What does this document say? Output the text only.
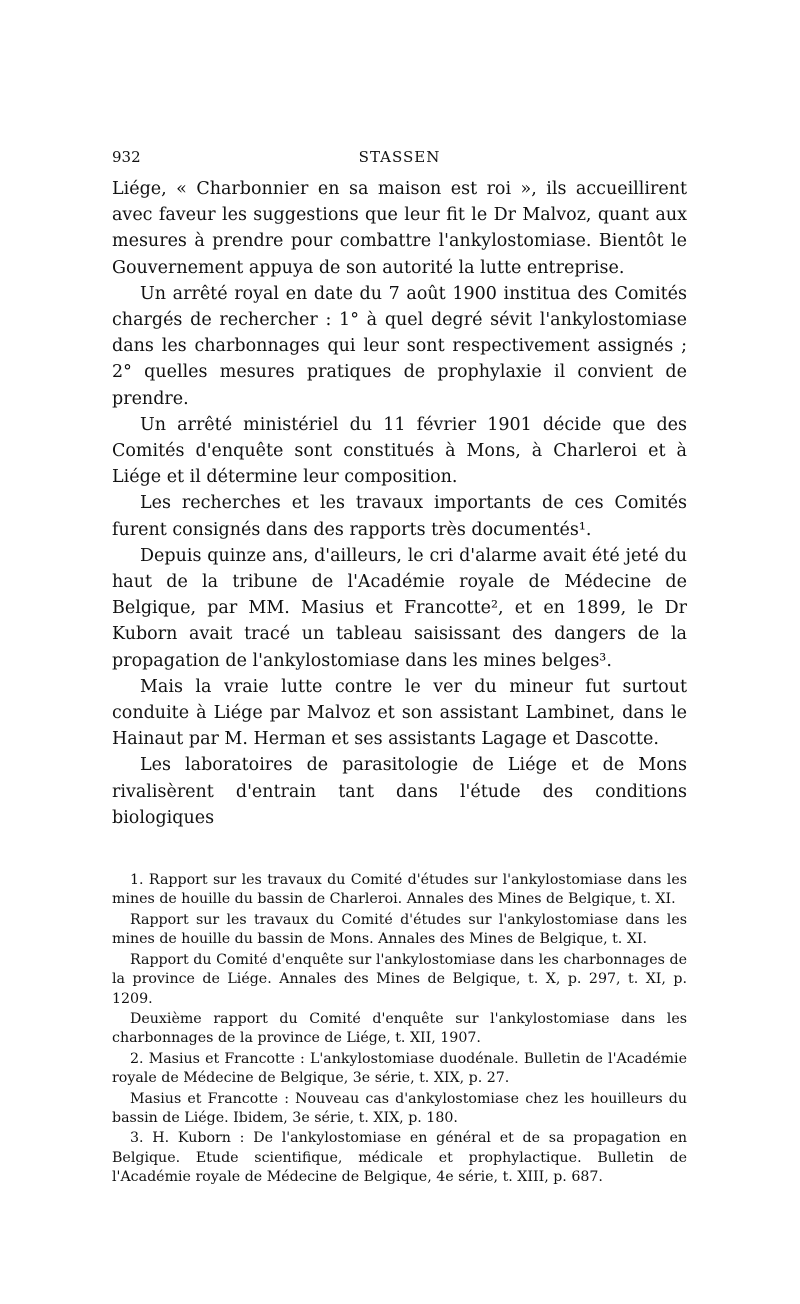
932	STASSEN

Liége, « Charbonnier en sa maison est roi », ils accueillirent avec faveur les suggestions que leur fit le Dr Malvoz, quant aux mesures à prendre pour combattre l'ankylostomiase. Bientôt le Gouvernement appuya de son autorité la lutte entreprise.

Un arrêté royal en date du 7 août 1900 institua des Comités chargés de rechercher : 1° à quel degré sévit l'ankylostomiase dans les charbonnages qui leur sont respectivement assignés ; 2° quelles mesures pratiques de prophylaxie il convient de prendre.

Un arrêté ministériel du 11 février 1901 décide que des Comités d'enquête sont constitués à Mons, à Charleroi et à Liége et il détermine leur composition.

Les recherches et les travaux importants de ces Comités furent consignés dans des rapports très documentés¹.

Depuis quinze ans, d'ailleurs, le cri d'alarme avait été jeté du haut de la tribune de l'Académie royale de Médecine de Belgique, par MM. Masius et Francotte², et en 1899, le Dr Kuborn avait tracé un tableau saisissant des dangers de la propagation de l'ankylostomiase dans les mines belges³.

Mais la vraie lutte contre le ver du mineur fut surtout conduite à Liége par Malvoz et son assistant Lambinet, dans le Hainaut par M. Herman et ses assistants Lagage et Dascotte.

Les laboratoires de parasitologie de Liége et de Mons rivalisèrent d'entrain tant dans l'étude des conditions biologiques

1. Rapport sur les travaux du Comité d'études sur l'ankylostomiase dans les mines de houille du bassin de Charleroi. Annales des Mines de Belgique, t. XI.

Rapport sur les travaux du Comité d'études sur l'ankylostomiase dans les mines de houille du bassin de Mons. Annales des Mines de Belgique, t. XI.

Rapport du Comité d'enquête sur l'ankylostomiase dans les charbonnages de la province de Liége. Annales des Mines de Belgique, t. X, p. 297, t. XI, p. 1209.

Deuxième rapport du Comité d'enquête sur l'ankylostomiase dans les charbonnages de la province de Liége, t. XII, 1907.

2. Masius et Francotte : L'ankylostomiase duodénale. Bulletin de l'Académie royale de Médecine de Belgique, 3e série, t. XIX, p. 27.

Masius et Francotte : Nouveau cas d'ankylostomiase chez les houilleurs du bassin de Liége. Ibidem, 3e série, t. XIX, p. 180.

3. H. Kuborn : De l'ankylostomiase en général et de sa propagation en Belgique. Etude scientifique, médicale et prophylactique. Bulletin de l'Académie royale de Médecine de Belgique, 4e série, t. XIII, p. 687.
